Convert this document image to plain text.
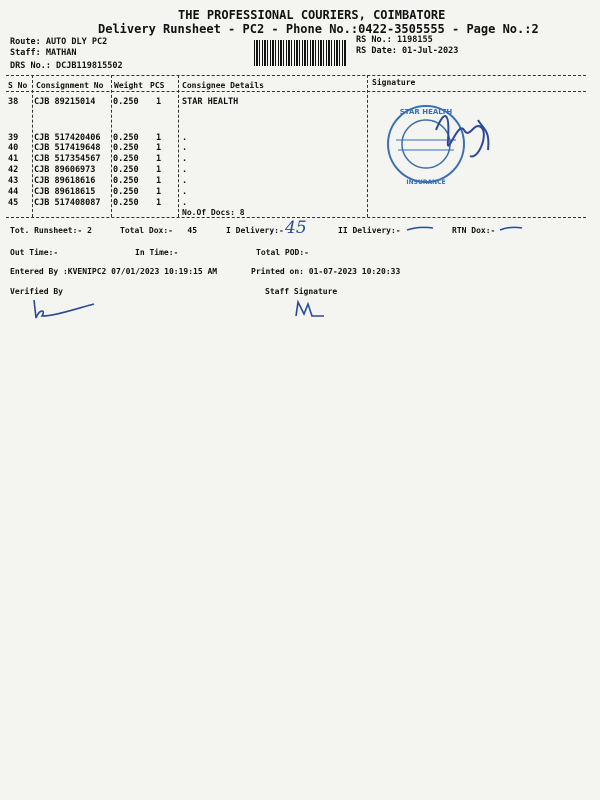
THE PROFESSIONAL COURIERS, COIMBATORE
Delivery Runsheet - PC2 - Phone No.:0422-3505555 - Page No.:2
Route: AUTO DLY PC2
Staff: MATHAN
DRS No.: DCJB119815502
RS No.: 1198155
RS Date: 01-Jul-2023
S No Consignment No Weight PCS Consignee Details	Signature
38 CJB 89215014 0.250 1 STAR HEALTH
39 CJB 517420406 0.250 1 .
40 CJB 517419648 0.250 1 .
41 CJB 517354567 0.250 1 .
42 CJB 89606973 0.250 1 .
43 CJB 89618616 0.250 1 .
44 CJB 89618615 0.250 1 .
45 CJB 517408087 0.250 1 .
No.Of Docs: 8
STAR HEALTH
INSURANCE
Tot. Runsheet:- 2	Total Dox:-   45	I Delivery:- 45	II Delivery:-	RTN Dox:-
Out Time:-	In Time:-	Total POD:-
Entered By :KVENIPC2 07/01/2023 10:19:15 AM	Printed on: 01-07-2023 10:20:33
Verified By	Staff Signature
